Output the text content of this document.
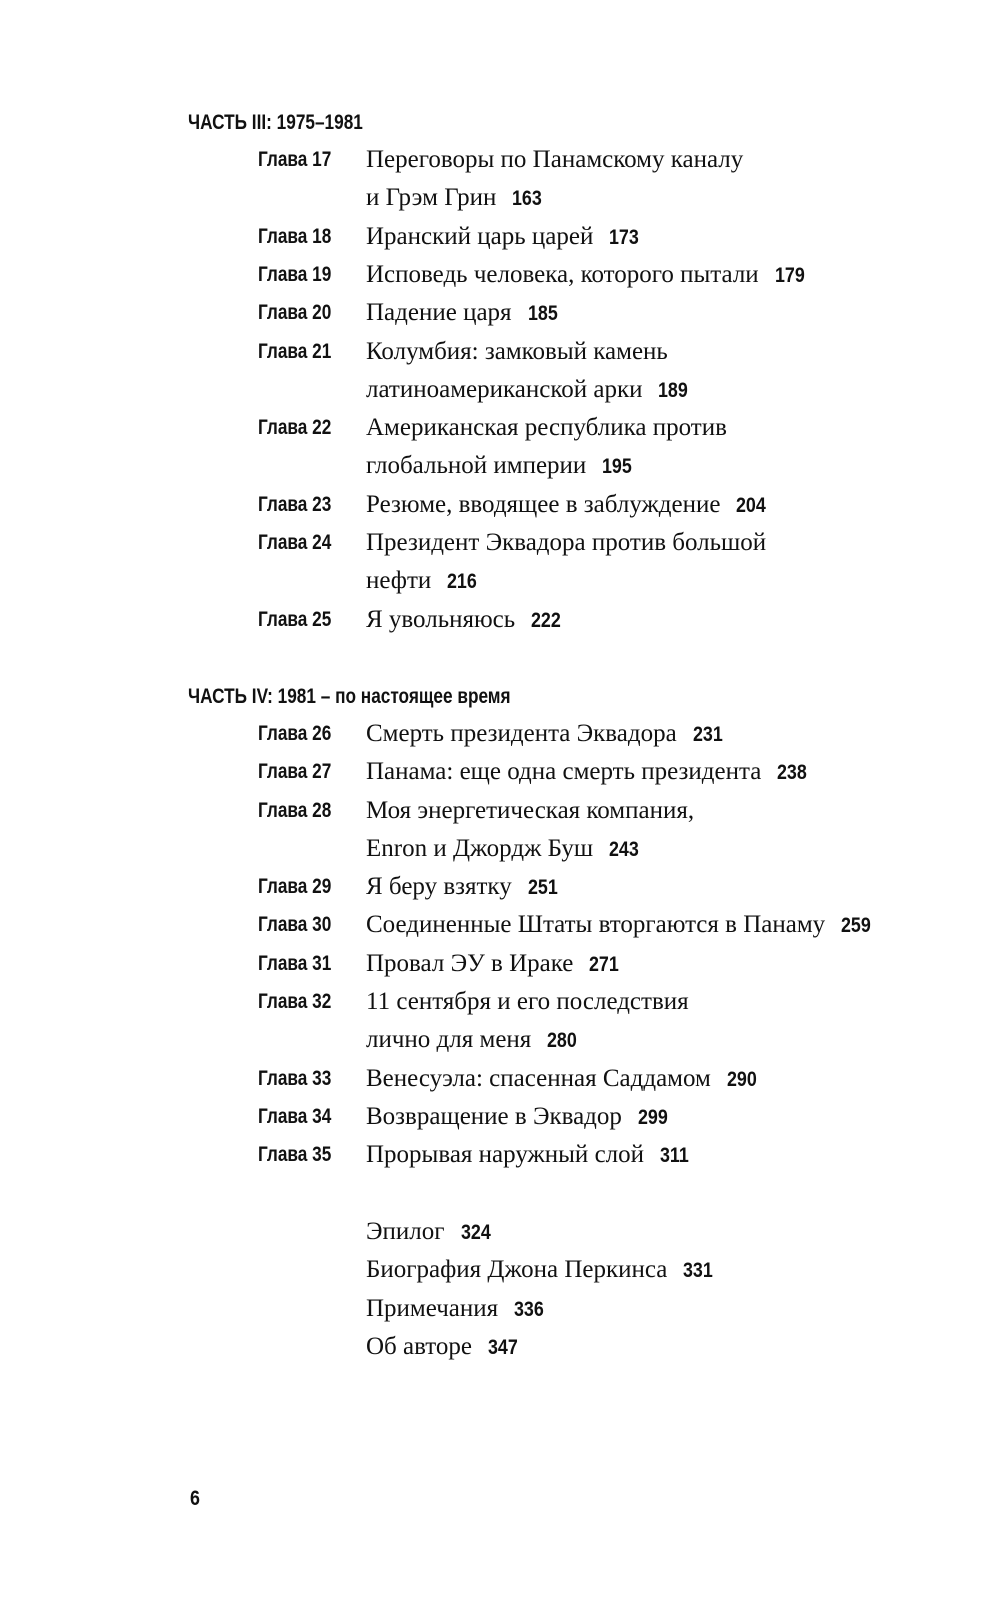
ЧАСТЬ III: 1975–1981
Глава 17 Переговоры по Панамскому каналу
и Грэм Грин 163
Глава 18 Иранский царь царей 173
Глава 19 Исповедь человека, которого пытали 179
Глава 20 Падение царя 185
Глава 21 Колумбия: замковый камень
латиноамериканской арки 189
Глава 22 Американская республика против
глобальной империи 195
Глава 23 Резюме, вводящее в заблуждение 204
Глава 24 Президент Эквадора против большой
нефти 216
Глава 25 Я увольняюсь 222
ЧАСТЬ IV: 1981 – по настоящее время
Глава 26 Смерть президента Эквадора 231
Глава 27 Панама: еще одна смерть президента 238
Глава 28 Моя энергетическая компания,
Enron и Джордж Буш 243
Глава 29 Я беру взятку 251
Глава 30 Соединенные Штаты вторгаются в Панаму 259
Глава 31 Провал ЭУ в Ираке 271
Глава 32 11 сентября и его последствия
лично для меня 280
Глава 33 Венесуэла: спасенная Саддамом 290
Глава 34 Возвращение в Эквадор 299
Глава 35 Прорывая наружный слой 311
Эпилог 324
Биография Джона Перкинса 331
Примечания 336
Об авторе 347
6
